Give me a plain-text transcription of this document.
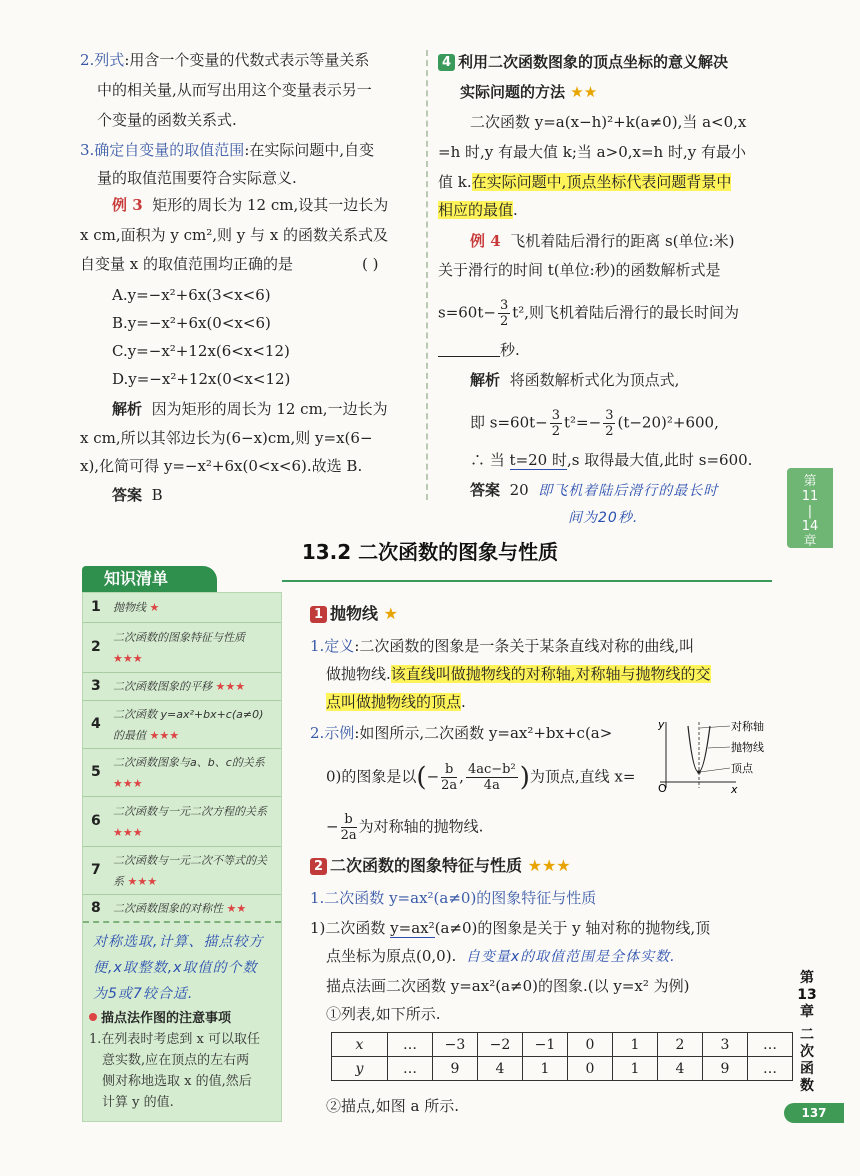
2.列式:用含一个变量的代数式表示等量关系
中的相关量,从而写出用这个变量表示另一
个变量的函数关系式.
3.确定自变量的取值范围:在实际问题中,自变
量的取值范围要符合实际意义.
例 3 矩形的周长为 12 cm,设其一边长为
x cm,面积为 y cm²,则 y 与 x 的函数关系式及
自变量 x 的取值范围均正确的是	( )
A.y=−x²+6x(3<x<6)
B.y=−x²+6x(0<x<6)
C.y=−x²+12x(6<x<12)
D.y=−x²+12x(0<x<12)
解析 因为矩形的周长为 12 cm,一边长为
x cm,所以其邻边长为(6−x)cm,则 y=x(6−
x),化简可得 y=−x²+6x(0<x<6).故选 B.
答案 B
4 利用二次函数图象的顶点坐标的意义解决
实际问题的方法 ★★
二次函数 y=a(x−h)²+k(a≠0),当 a<0,x
=h 时,y 有最大值 k;当 a>0,x=h 时,y 有最小
值 k.在实际问题中,顶点坐标代表问题背景中
相应的最值.
例 4 飞机着陆后滑行的距离 s(单位:米)
关于滑行的时间 t(单位:秒)的函数解析式是
$s=60t- \frac{3}{2} t^2$,则飞机着陆后滑行的最长时间为
秒.
解析 将函数解析式化为顶点式,
即 $s=60t- \frac{3}{2} t^2=- \frac{3}{2} (t-20)^2+600$,
∴ 当 t=20 时,s 取得最大值,此时 s=600.
答案 20 即飞机着陆后滑行的最长时
间为20秒.
第
11
|
14
章
13.2 二次函数的图象与性质
知识清单
1 抛物线 ★
2
二次函数的图象特征与性质 ★★★
3 二次函数图象的平移 ★★★
4
二次函数 y=ax²+bx+c(a≠0)的最值 ★★★
5
二次函数图象与a、b、c的关系 ★★★
6
二次函数与一元二次方程的关系 ★★★
7
二次函数与一元二次不等式的关系 ★★★
8 二次函数图象的对称性 ★★
对称选取,计算、描点较方
便,x取整数,x取值的个数
为5或7较合适.
描点法作图的注意事项
1.在列表时考虑到 x 可以取任
意实数,应在顶点的左右两
侧对称地选取 x 的值,然后
计算 y 的值.
1 抛物线 ★
1.定义:二次函数的图象是一条关于某条直线对称的曲线,叫
做抛物线.该直线叫做抛物线的对称轴,对称轴与抛物线的交
点叫做抛物线的顶点.
2.示例:如图所示,二次函数 y=ax²+bx+c(a>
0)的图象是以(− $\frac{b}{2a}$ , $\frac{\text{4ac−b²}}{4a}$ )为顶点,直线 x=
− $\frac{b}{2a}$ 为对称轴的抛物线.
对称轴
抛物线
顶点
O	x
y
2 二次函数的图象特征与性质 ★★★
1.二次函数 y=ax²(a≠0)的图象特征与性质
1)二次函数 y=ax²(a≠0)的图象是关于 y 轴对称的抛物线,顶
点坐标为原点(0,0). 自变量x的取值范围是全体实数.
描点法画二次函数 y=ax²(a≠0)的图象.(以 y=x² 为例)
①列表,如下所示.
x	…	−3	−2	−1	0	1	2	3	…
y	…	9	4	1	0	1	4	9	…
②描点,如图 a 所示.
第
13
章
二
次
函
数
137
